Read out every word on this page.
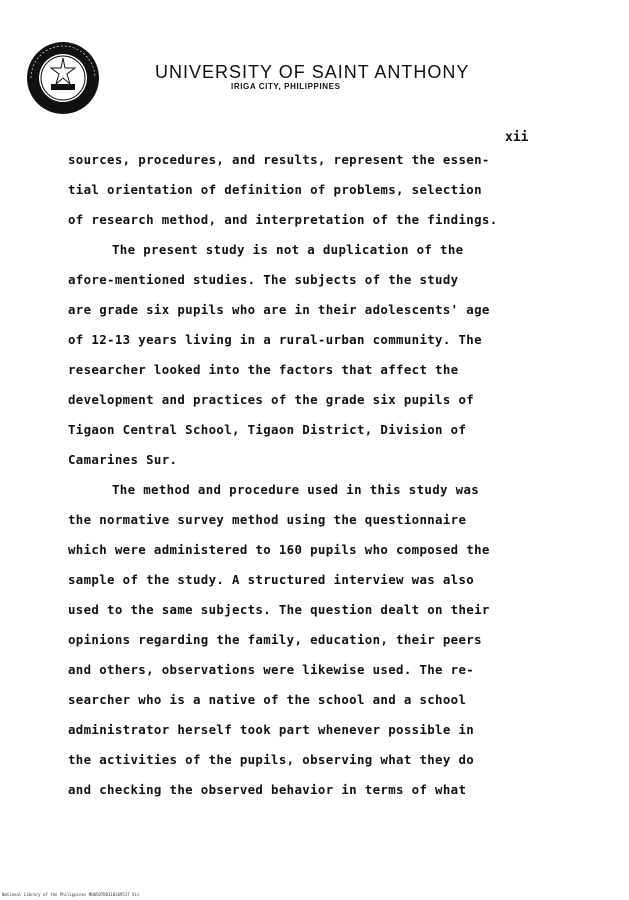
UNIVERSITY OF SAINT ANTHONY
IRIGA CITY, PHILIPPINES
xii
sources, procedures, and results, represent the essen-
tial orientation of definition of problems, selection
of research method, and interpretation of the findings.
The present study is not a duplication of the
afore-mentioned studies. The subjects of the study
are grade six pupils who are in their adolescents' age
of 12-13 years living in a rural-urban community. The
researcher looked into the factors that affect the
development and practices of the grade six pupils of
Tigaon Central School, Tigaon District, Division of
Camarines Sur.
The method and procedure used in this study was
the normative survey method using the questionnaire
which were administered to 160 pupils who composed the
sample of the study. A structured interview was also
used to the same subjects. The question dealt on their
opinions regarding the family, education, their peers
and others, observations were likewise used. The re-
searcher who is a native of the school and a school
administrator herself took part whenever possible in
the activities of the pupils, observing what they do
and checking the observed behavior in terms of what
National Library of the Philippines MU050TD0310169517 Vii
